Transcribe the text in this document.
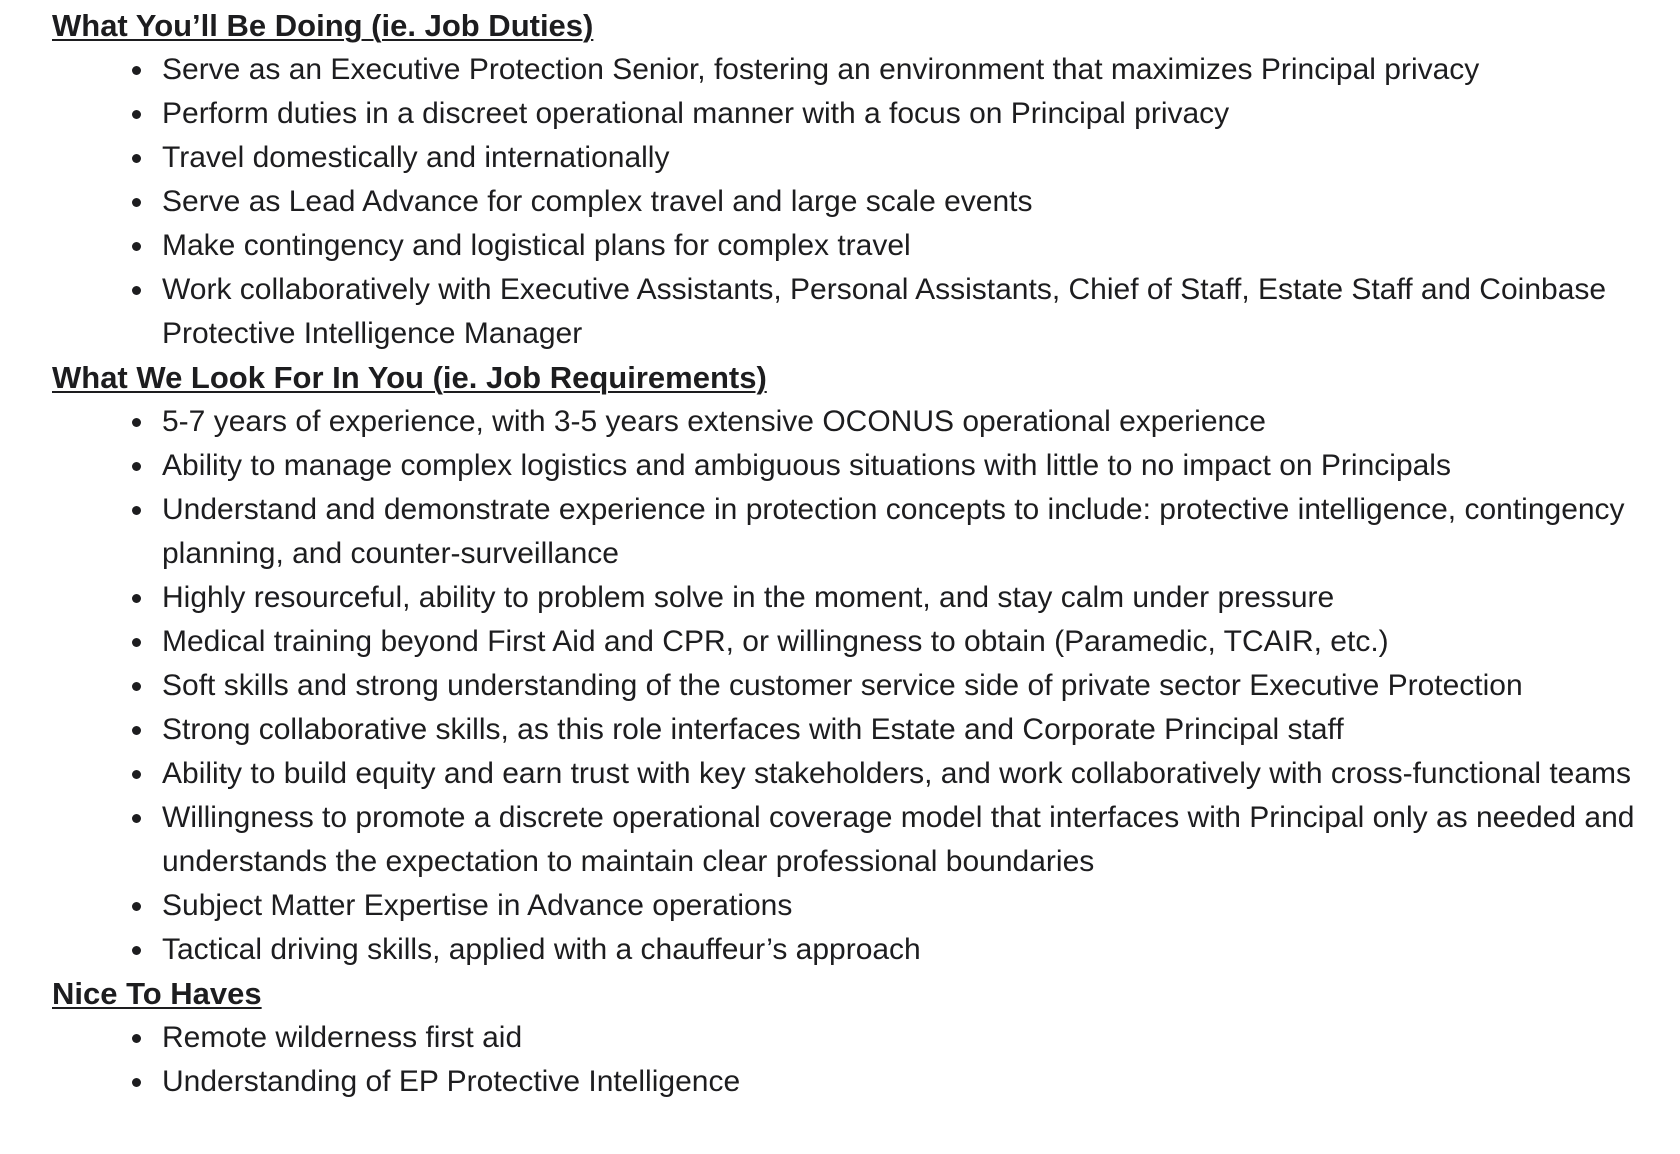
What You’ll Be Doing (ie. Job Duties)
Serve as an Executive Protection Senior, fostering an environment that maximizes Principal privacy
Perform duties in a discreet operational manner with a focus on Principal privacy
Travel domestically and internationally
Serve as Lead Advance for complex travel and large scale events
Make contingency and logistical plans for complex travel
Work collaboratively with Executive Assistants, Personal Assistants, Chief of Staff, Estate Staff and Coinbase Protective Intelligence Manager
What We Look For In You (ie. Job Requirements)
5-7 years of experience, with 3-5 years extensive OCONUS operational experience
Ability to manage complex logistics and ambiguous situations with little to no impact on Principals
Understand and demonstrate experience in protection concepts to include: protective intelligence, contingency planning, and counter-surveillance
Highly resourceful, ability to problem solve in the moment, and stay calm under pressure
Medical training beyond First Aid and CPR, or willingness to obtain (Paramedic, TCAIR, etc.)
Soft skills and strong understanding of the customer service side of private sector Executive Protection
Strong collaborative skills, as this role interfaces with Estate and Corporate Principal staff
Ability to build equity and earn trust with key stakeholders, and work collaboratively with cross-functional teams
Willingness to promote a discrete operational coverage model that interfaces with Principal only as needed and understands the expectation to maintain clear professional boundaries
Subject Matter Expertise in Advance operations
Tactical driving skills, applied with a chauffeur’s approach
Nice To Haves
Remote wilderness first aid
Understanding of EP Protective Intelligence
